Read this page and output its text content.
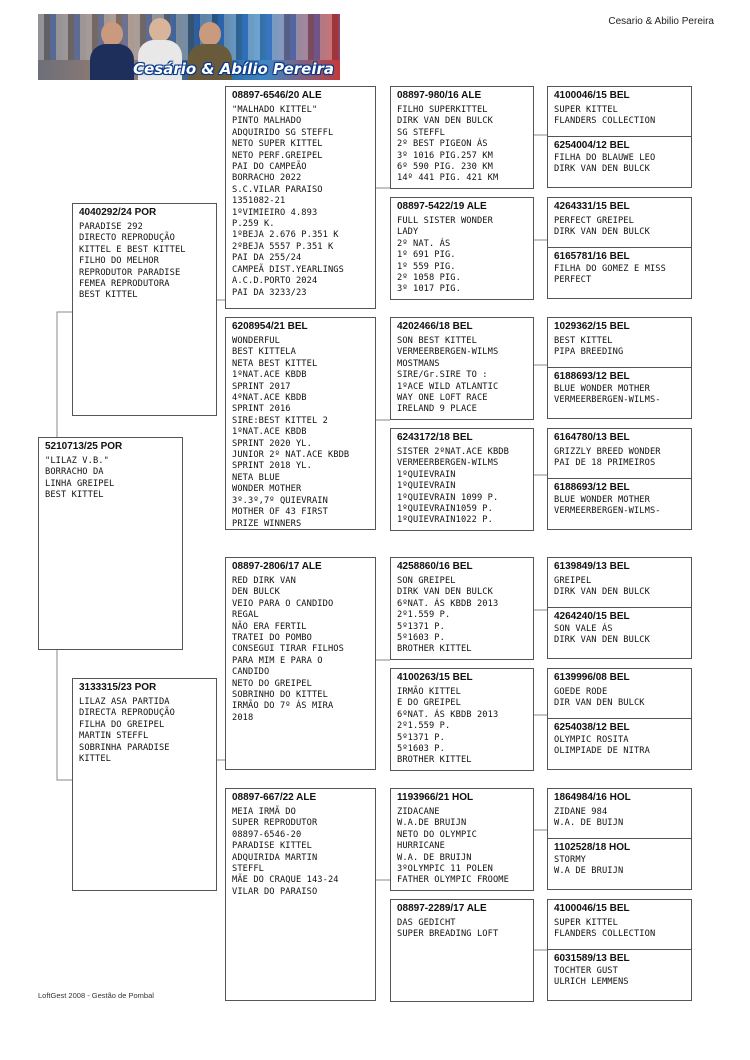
Cesário & Abílio Pereira
Cesario & Abilio Pereira
5210713/25 POR
"LILAZ V.B."
BORRACHO DA
LINHA GREIPEL
BEST KITTEL
4040292/24 POR
PARADISE 292
DIRECTO REPRODUÇÃO
KITTEL E BEST KITTEL
FILHO DO MELHOR
REPRODUTOR PARADISE
FEMEA REPRODUTORA
BEST KITTEL
3133315/23 POR
LILAZ ASA PARTIDA
DIRECTA REPRODUÇÃO
FILHA DO GREIPEL
MARTIN STEFFL
SOBRINHA PARADISE
KITTEL
08897-6546/20 ALE
"MALHADO KITTEL"
PINTO MALHADO
ADQUIRIDO SG STEFFL
NETO SUPER KITTEL
NETO PERF.GREIPEL
PAI DO CAMPEÃO
BORRACHO 2022
S.C.VILAR PARAISO
1351082-21
1ºVIMIEIRO 4.893
P.259 K.
1ºBEJA 2.676 P.351 K
2ºBEJA 5557 P.351 K
PAI DA 255/24
CAMPEÃ DIST.YEARLINGS
A.C.D.PORTO 2024
PAI DA 3233/23
6208954/21 BEL
WONDERFUL
BEST KITTELA
NETA BEST KITTEL
1ºNAT.ACE KBDB
SPRINT 2017
4ºNAT.ACE KBDB
SPRINT 2016
SIRE:BEST KITTEL 2
1ºNAT.ACE KBDB
SPRINT 2020 YL.
JUNIOR 2º NAT.ACE KBDB
SPRINT 2018 YL.
NETA BLUE
WONDER MOTHER
3º.3º,7º QUIEVRAIN
MOTHER OF 43 FIRST
PRIZE WINNERS
08897-2806/17 ALE
RED DIRK VAN
DEN BULCK
VEIO PARA O CANDIDO
REGAL
NÃO ERA FERTIL
TRATEI DO POMBO
CONSEGUI TIRAR FILHOS
PARA MIM E PARA O
CANDIDO
NETO DO GREIPEL
SOBRINHO DO KITTEL
IRMÃO DO 7º ÁS MIRA
2018
08897-667/22 ALE
MEIA IRMÃ DO
SUPER REPRODUTOR
08897-6546-20
PARADISE KITTEL
ADQUIRIDA MARTIN
STEFFL
MÃE DO CRAQUE 143-24
VILAR DO PARAISO
08897-980/16 ALE
FILHO SUPERKITTEL
DIRK VAN DEN BULCK
SG STEFFL
2º BEST PIGEON ÁS
3º 1016 PIG.257 KM
6º 590 PIG. 230 KM
14º 441 PIG. 421 KM
08897-5422/19 ALE
FULL SISTER WONDER
LADY
2º NAT. ÁS
1º 691 PIG.
1º 559 PIG.
2º 1058 PIG.
3º 1017 PIG.
4202466/18 BEL
SON BEST KITTEL
VERMEERBERGEN-WILMS
MOSTMANS
SIRE/Gr.SIRE TO :
1ºACE WILD ATLANTIC
WAY ONE LOFT RACE
IRELAND 9 PLACE
6243172/18 BEL
SISTER 2ºNAT.ACE KBDB
VERMEERBERGEN-WILMS
1ºQUIEVRAIN
1ºQUIEVRAIN
1ºQUIEVRAIN 1099 P.
1ºQUIEVRAIN1059 P.
1ºQUIEVRAIN1022 P.
4258860/16 BEL
SON GREIPEL
DIRK VAN DEN BULCK
6ºNAT. ÁS KBDB 2013
2º1.559 P.
5º1371 P.
5º1603 P.
BROTHER KITTEL
4100263/15 BEL
IRMÃO KITTEL
E DO GREIPEL
6ºNAT. ÁS KBDB 2013
2º1.559 P.
5º1371 P.
5º1603 P.
BROTHER KITTEL
1193966/21 HOL
ZIDACANE
W.A.DE BRUIJN
NETO DO OLYMPIC
HURRICANE
W.A. DE BRUIJN
3ºOLYMPIC 11 POLEN
FATHER OLYMPIC FROOME
08897-2289/17 ALE
DAS GEDICHT
SUPER BREADING LOFT
4100046/15 BEL
SUPER KITTEL
FLANDERS COLLECTION
6254004/12 BEL
FILHA DO BLAUWE LEO
DIRK VAN DEN BULCK
4264331/15 BEL
PERFECT GREIPEL
DIRK VAN DEN BULCK
6165781/16 BEL
FILHA DO GOMEZ E MISS
PERFECT
1029362/15 BEL
BEST KITTEL
PIPA BREEDING
6188693/12 BEL
BLUE WONDER MOTHER
VERMEERBERGEN-WILMS-
6164780/13 BEL
GRIZZLY BREED WONDER
PAI DE 18 PRIMEIROS
6188693/12 BEL
BLUE WONDER MOTHER
VERMEERBERGEN-WILMS-
6139849/13 BEL
GREIPEL
DIRK VAN DEN BULCK
4264240/15 BEL
SON VALE ÁS
DIRK VAN DEN BULCK
6139996/08 BEL
GOEDE RODE
DIR VAN DEN BULCK
6254038/12 BEL
OLYMPIC ROSITA
OLIMPIADE DE NITRA
1864984/16 HOL
ZIDANE 984
W.A. DE BUIJN
1102528/18 HOL
STORMY
W.A DE BRUIJN
4100046/15 BEL
SUPER KITTEL
FLANDERS COLLECTION
6031589/13 BEL
TOCHTER GUST
ULRICH LEMMENS
LoftGest 2008 - Gestão de Pombal
